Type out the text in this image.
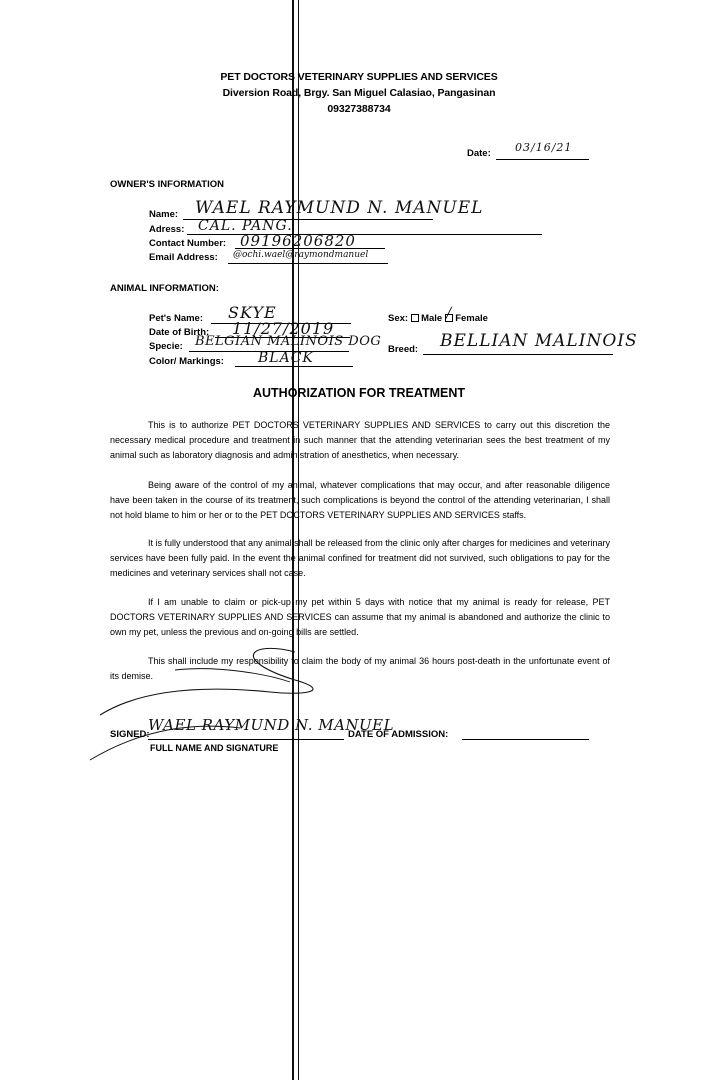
PET DOCTORS VETERINARY SUPPLIES AND SERVICES
Diversion Road, Brgy. San Miguel Calasiao, Pangasinan
09327388734
Date: 03/16/21
OWNER'S INFORMATION
Name: WAEL RAYMUND N. MANUEL
Adress: CAL. PANG.
Contact Number: 09196206820
Email Address: @ochi.wael@raymondmanuel
ANIMAL INFORMATION:
Pet's Name: SKYE
Date of Birth: 11/27/2019
Specie: BELGIAN MALINOIS DOG
Color/ Markings: BLACK
Sex: Male ╱ Female
Breed: BELLIAN MALINOIS
AUTHORIZATION FOR TREATMENT
This is to authorize PET DOCTORS VETERINARY SUPPLIES AND SERVICES to carry out this discretion the necessary medical procedure and treatment in such manner that the attending veterinarian sees the best treatment of my animal such as laboratory diagnosis and administration of anesthetics, when necessary.
Being aware of the control of my animal, whatever complications that may occur, and after reasonable diligence have been taken in the course of its treatment, such complications is beyond the control of the attending veterinarian, I shall not hold blame to him or her or to the PET DOCTORS VETERINARY SUPPLIES AND SERVICES staffs.
It is fully understood that any animal shall be released from the clinic only after charges for medicines and veterinary services have been fully paid. In the event the animal confined for treatment did not survived, such obligations to pay for the medicines and veterinary services shall not case.
If I am unable to claim or pick-up my pet within 5 days with notice that my animal is ready for release, PET DOCTORS VETERINARY SUPPLIES AND SERVICES can assume that my animal is abandoned and authorize the clinic to own my pet, unless the previous and on-going bills are settled.
This shall include my responsibility to claim the body of my animal 36 hours post-death in the unfortunate event of its demise.
SIGNED:
WAEL RAYMUND N. MANUEL
FULL NAME AND SIGNATURE
DATE OF ADMISSION:
